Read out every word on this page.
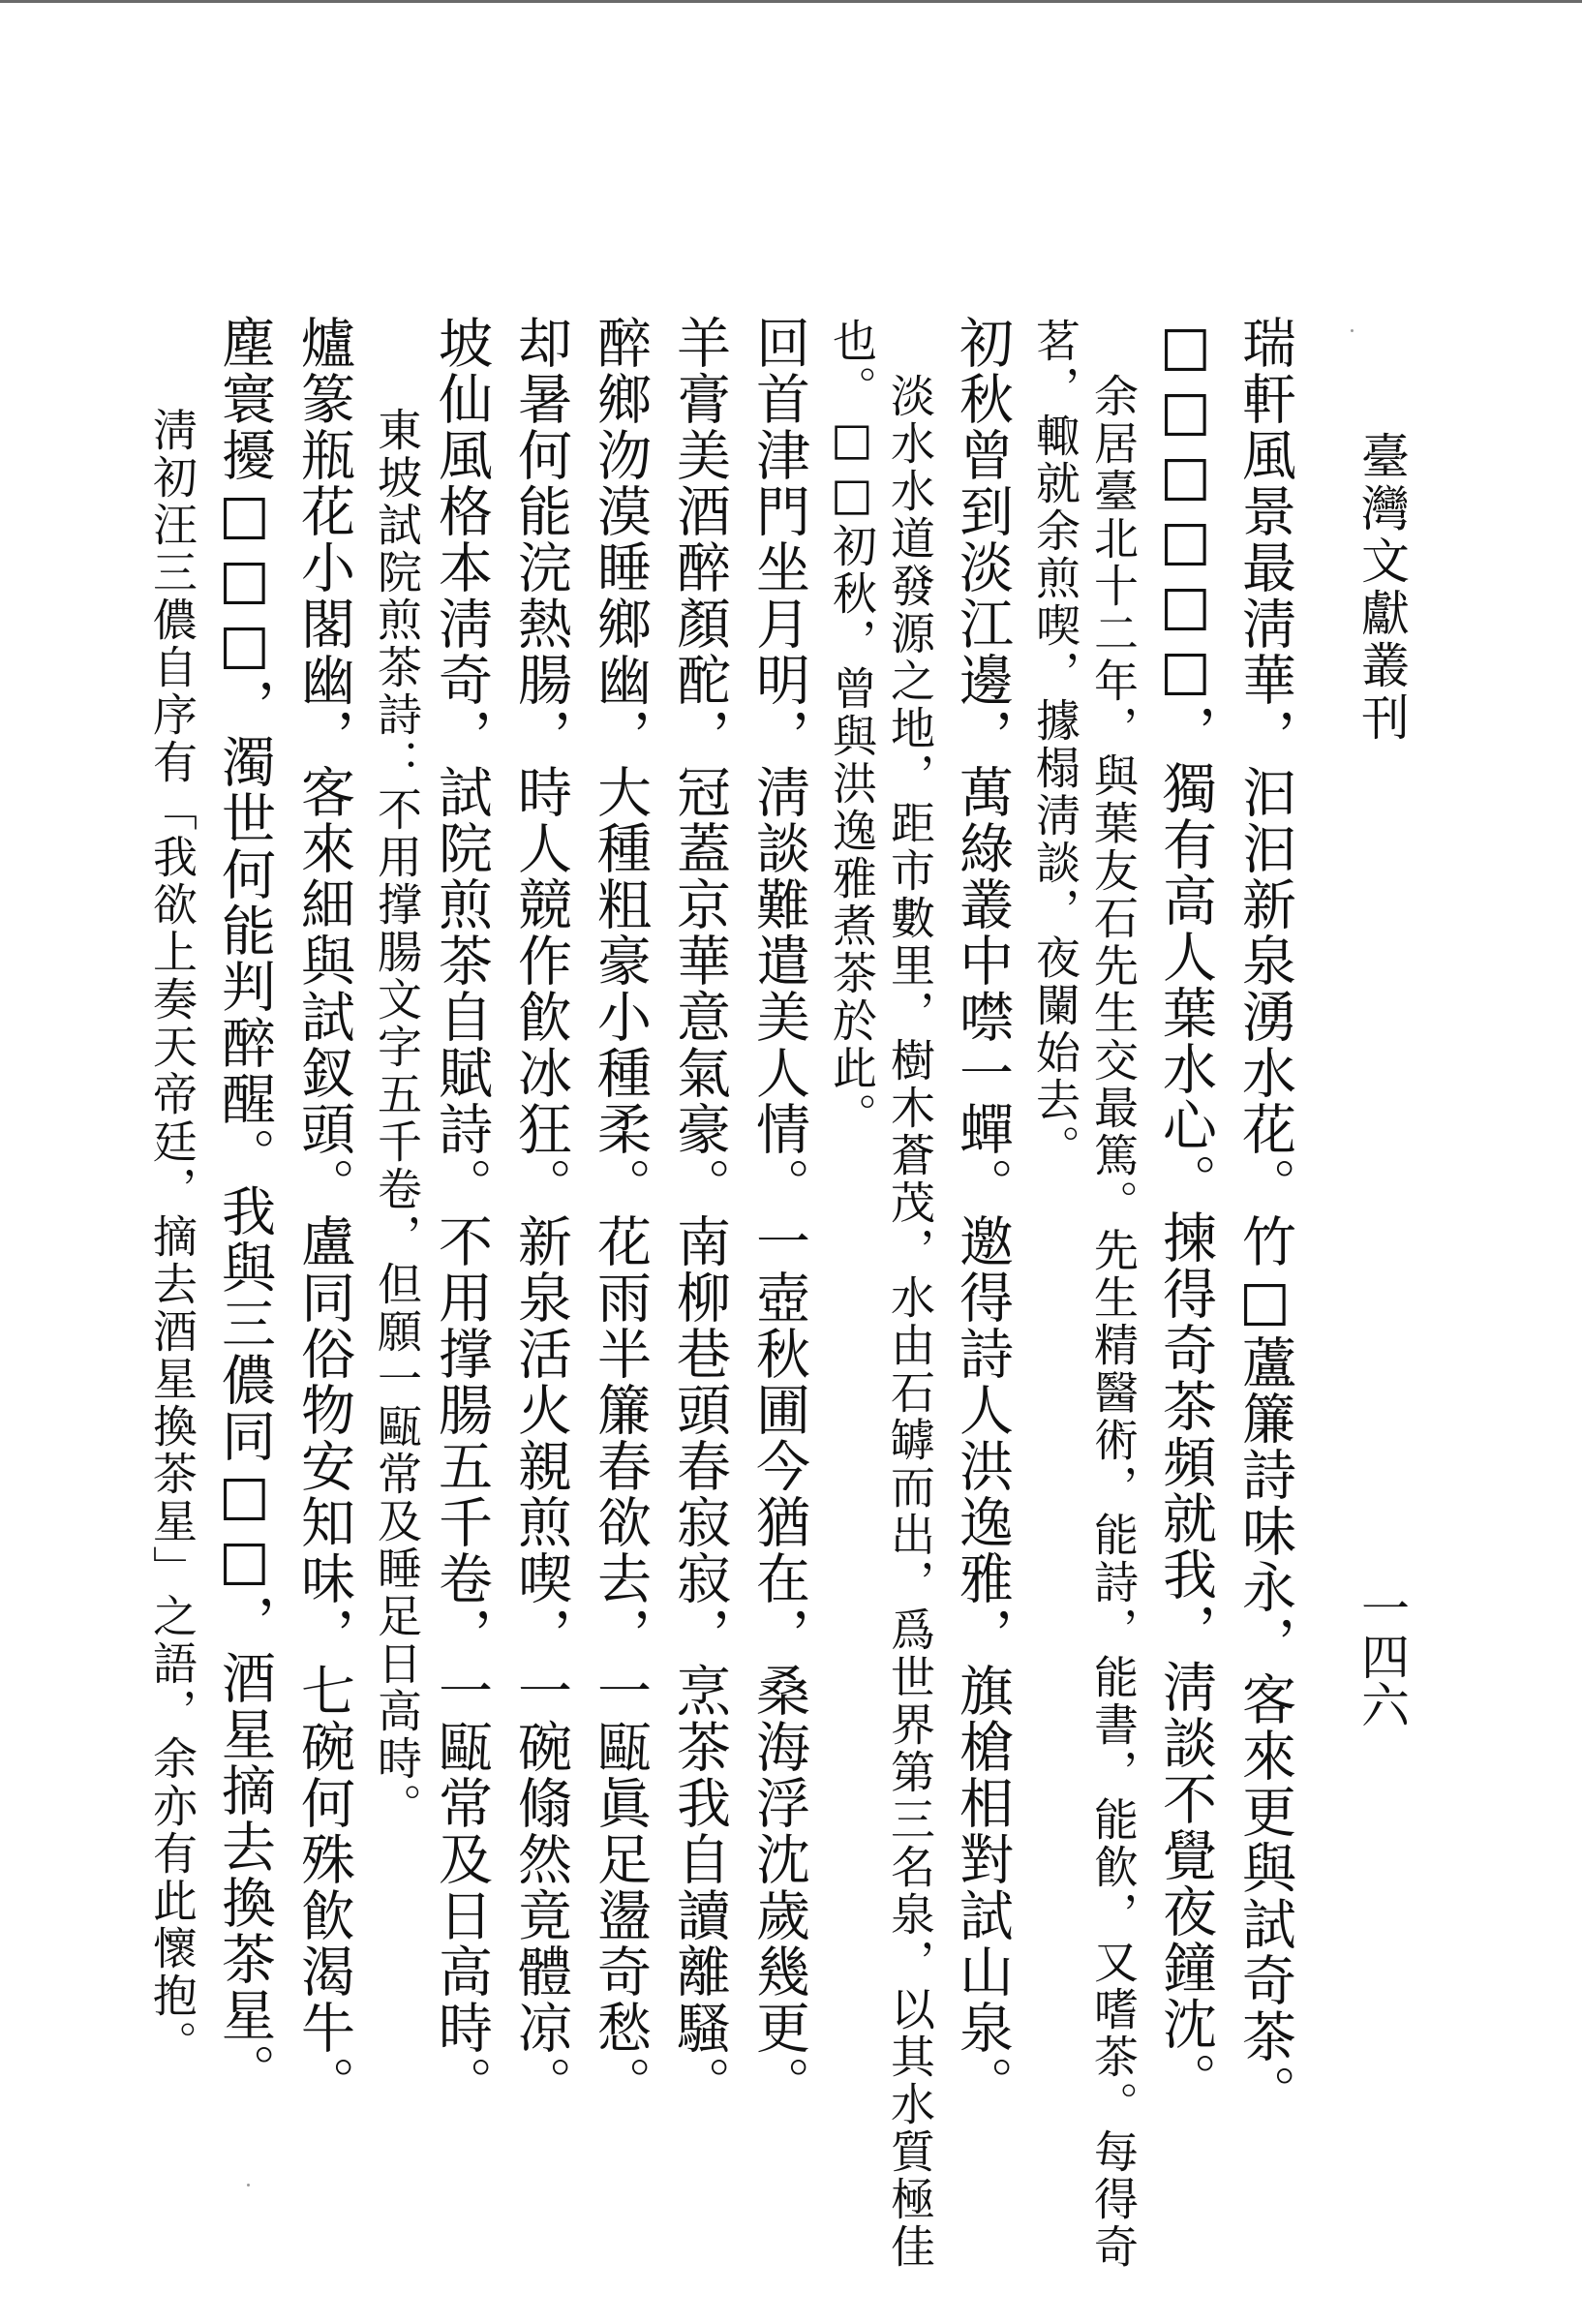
臺灣文獻叢刊
一四六
瑞軒風景最淸華，汩汩新泉湧水花。竹□蘆簾詩味永，客來更與試奇茶。
□□□□□□，獨有高人葉水心。揀得奇茶頻就我，淸談不覺夜鐘沈。
余居臺北十二年，與葉友石先生交最篤。先生精醫術，能詩，能書，能飮，又嗜茶。每得奇
茗，輙就余煎喫，據榻淸談，夜闌始去。
初秋曾到淡江邊，萬綠叢中噤一蟬。邀得詩人洪逸雅，旗槍相對試山泉。
淡水水道發源之地，距市數里，樹木蒼茂，水由石罅而出，爲世界第三名泉，以其水質極佳
也。□□初秋，曾與洪逸雅煮茶於此。
回首津門坐月明，淸談難遣美人情。一壺秋圃今猶在，桑海浮沈歲幾更。
羊膏美酒醉顏酡，冠蓋京華意氣豪。南柳巷頭春寂寂，烹茶我自讀離騷。
醉鄉沕漠睡鄉幽，大種粗豪小種柔。花雨半簾春欲去，一甌眞足盪奇愁。
却暑何能浣熱腸，時人競作飮冰狂。新泉活火親煎喫，一碗翛然竟體凉。
坡仙風格本淸奇，試院煎茶自賦詩。不用撑腸五千卷，一甌常及日高時。
東坡試院煎茶詩：不用撑腸文字五千卷，但願一甌常及睡足日高時。
爐篆瓶花小閣幽，客來細與試釵頭。盧同俗物安知味，七碗何殊飮渴牛。
塵寰擾□□□，濁世何能判醉醒。我與三儂同□□，酒星摘去換茶星。
淸初汪三儂自序有「我欲上奏天帝廷，摘去酒星換茶星」之語，余亦有此懷抱。
